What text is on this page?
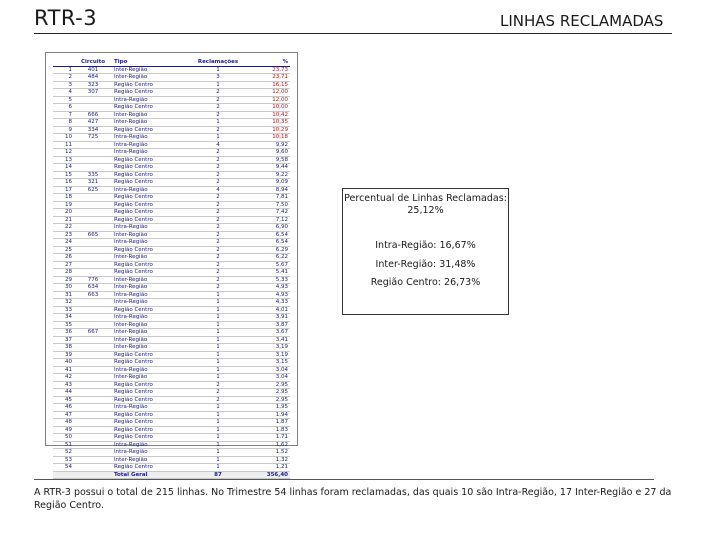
RTR-3	LINHAS RECLAMADAS
	Circuito	Tipo	Reclamações	%
1	401	Inter-Região	1	23,73
2	484	Inter-Região	3	23,71
3	323	Região Centro	1	16,15
4	307	Região Centro	2	12,00
5		Intra-Região	2	12,00
6		Região Centro	2	10,00
7	666	Inter-Região	2	10,42
8	427	Inter-Região	1	10,35
9	334	Região Centro	2	10,29
10	725	Intra-Região	1	10,18
11		Intra-Região	4	9,92
12		Intra-Região	2	9,60
13		Região Centro	2	9,58
14		Região Centro	2	9,44
15	335	Região Centro	2	9,22
16	321	Região Centro	2	9,09
17	625	Intra-Região	4	8,94
18		Região Centro	2	7,81
19		Região Centro	2	7,50
20		Região Centro	2	7,42
21		Região Centro	2	7,12
22		Intra-Região	2	6,90
23	665	Inter-Região	2	6,54
24		Intra-Região	2	6,54
25		Região Centro	2	6,29
26		Inter-Região	2	6,22
27		Região Centro	2	5,67
28		Região Centro	2	5,41
29	776	Inter-Região	2	5,33
30	634	Inter-Região	2	4,93
31	663	Intra-Região	1	4,93
32		Intra-Região	1	4,33
33		Região Centro	1	4,01
34		Intra-Região	1	3,91
35		Inter-Região	1	3,87
36	667	Inter-Região	1	3,67
37		Inter-Região	1	3,41
38		Inter-Região	1	3,19
39		Região Centro	1	3,19
40		Região Centro	1	3,15
41		Intra-Região	1	3,04
42		Inter-Região	1	3,04
43		Região Centro	2	2,95
44		Região Centro	2	2,95
45		Região Centro	2	2,95
46		Intra-Região	1	1,95
47		Região Centro	1	1,94
48		Região Centro	1	1,87
49		Região Centro	1	1,83
50		Região Centro	1	1,71
51		Intra-Região	1	1,62
52		Intra-Região	1	1,52
53		Inter-Região	1	1,32
54		Região Centro	1	1,21
		Total Geral	87	356,40
Percentual de Linhas Reclamadas:
25,12%
Intra-Região: 16,67%
Inter-Região: 31,48%
Região Centro: 26,73%
A RTR-3 possui o total de 215 linhas. No Trimestre 54 linhas foram reclamadas, das quais 10 são Intra-Região, 17 Inter-Região e 27 da Região Centro.
